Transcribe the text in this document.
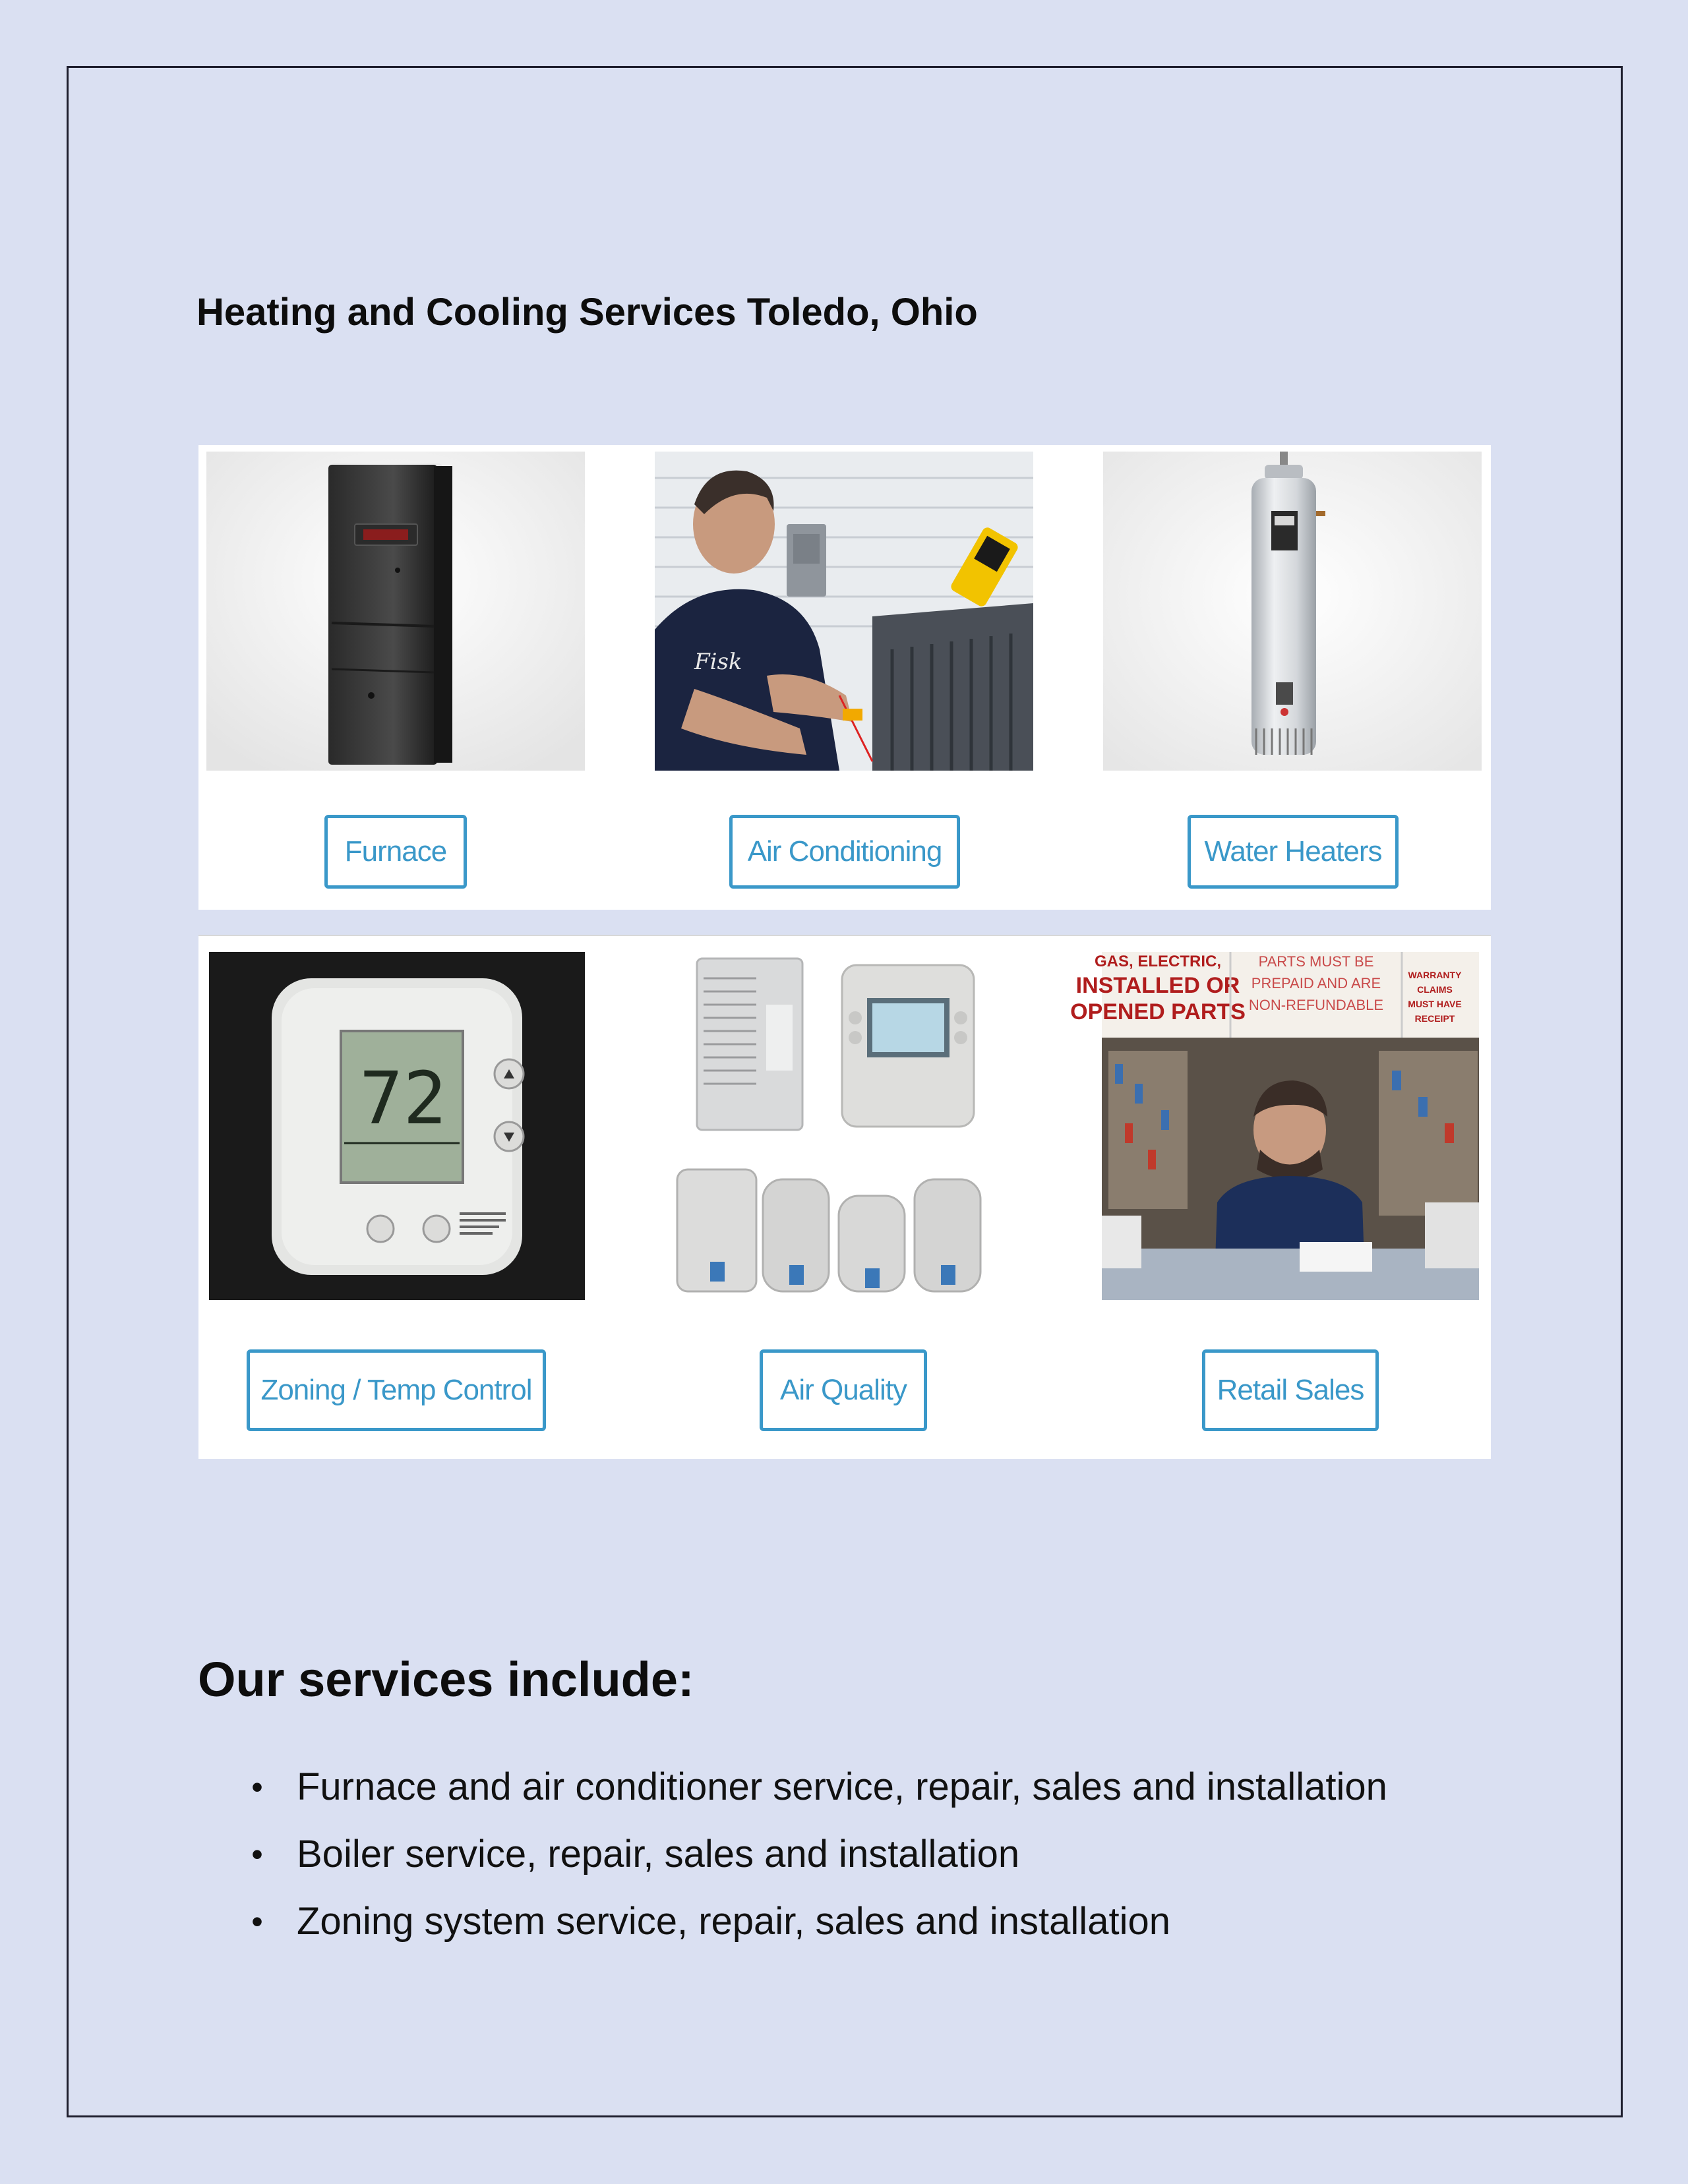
Heating and Cooling Services Toledo, Ohio
Fisk
Furnace	Air Conditioning	Water Heaters
72
GAS, ELECTRIC,
INSTALLED OR
OPENED PARTS
PARTS MUST BE
PREPAID AND ARE
NON-REFUNDABLE
WARRANTY
CLAIMS
MUST HAVE
RECEIPT
Zoning / Temp Control	Air Quality	Retail Sales
Our services include:
• Furnace and air conditioner service, repair, sales and installation
• Boiler service, repair, sales and installation
• Zoning system service, repair, sales and installation
